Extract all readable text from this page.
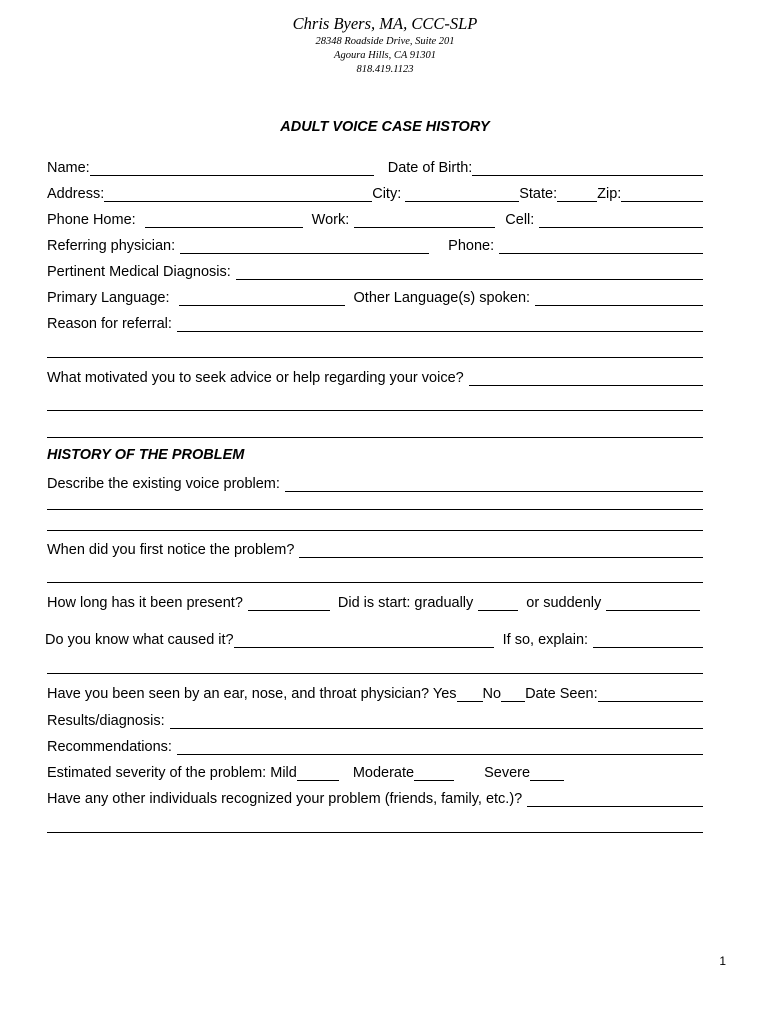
Chris Byers, MA, CCC-SLP
28348 Roadside Drive, Suite 201
Agoura Hills, CA 91301
818.419.1123
ADULT VOICE CASE HISTORY
Name:	Date of Birth:
Address:	City:	State:	Zip:
Phone Home:	Work:	Cell:
Referring physician:	Phone:
Pertinent Medical Diagnosis:
Primary Language:	Other Language(s) spoken:
Reason for referral:
What motivated you to seek advice or help regarding your voice?
HISTORY OF THE PROBLEM
Describe the existing voice problem:
When did you first notice the problem?
How long has it been present?	Did is start: gradually	or suddenly
Do you know what caused it?	If so, explain:
Have you been seen by an ear, nose, and throat physician? Yes No Date Seen:
Results/diagnosis:
Recommendations:
Estimated severity of the problem: Mild	Moderate	Severe
Have any other individuals recognized your problem (friends, family, etc.)?
1
